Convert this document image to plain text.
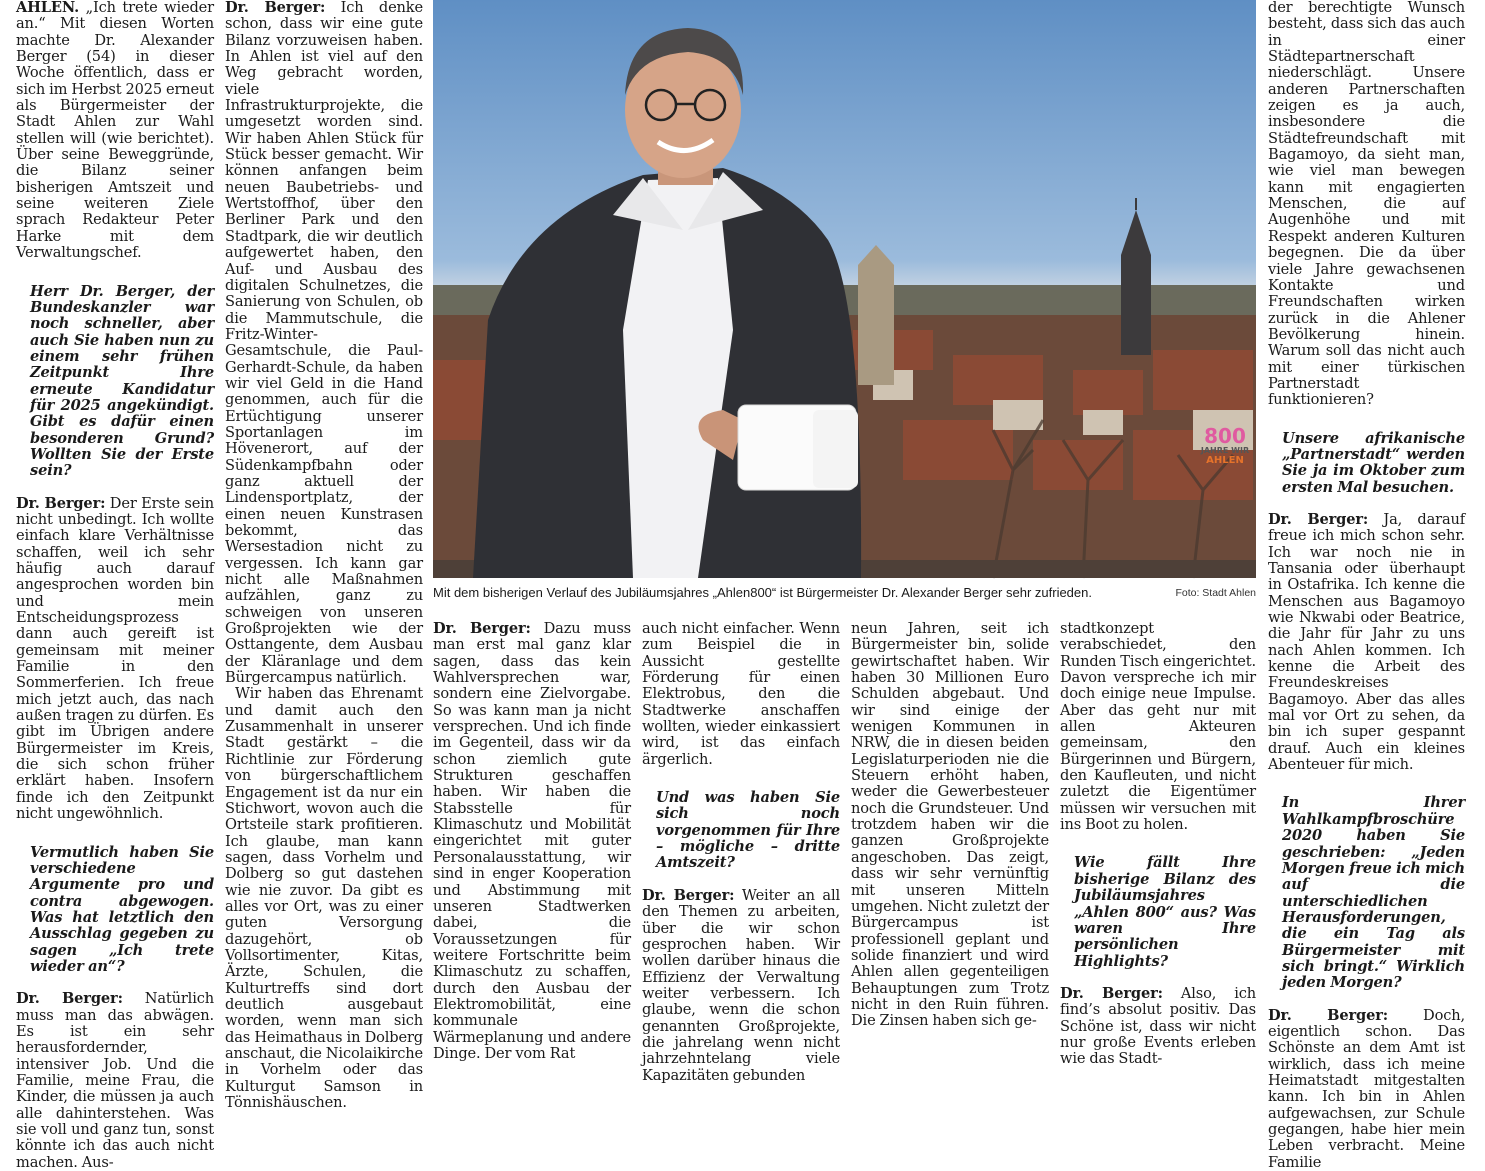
AHLEN. „Ich trete wieder an.“ Mit diesen Worten machte Dr. Alexander Berger (54) in dieser Woche öffentlich, dass er sich im Herbst 2025 erneut als Bürgermeister der Stadt Ahlen zur Wahl stellen will (wie berichtet). Über seine Beweggründe, die Bilanz seiner bisherigen Amtszeit und seine weiteren Ziele sprach Redakteur Peter Harke mit dem Verwaltungschef.

Herr Dr. Berger, der Bundeskanzler war noch schneller, aber auch Sie haben nun zu einem sehr frühen Zeitpunkt Ihre erneute Kandidatur für 2025 angekündigt. Gibt es dafür einen besonderen Grund? Wollten Sie der Erste sein?

Dr. Berger: Der Erste sein nicht unbedingt. Ich wollte einfach klare Verhältnisse schaffen, weil ich sehr häufig auch darauf angesprochen worden bin und mein Entscheidungsprozess dann auch gereift ist gemeinsam mit meiner Familie in den Sommerferien. Ich freue mich jetzt auch, das nach außen tragen zu dürfen. Es gibt im Übrigen andere Bürgermeister im Kreis, die sich schon früher erklärt haben. Insofern finde ich den Zeitpunkt nicht ungewöhnlich.

Vermutlich haben Sie verschiedene Argumente pro und contra abgewogen. Was hat letztlich den Ausschlag gegeben zu sagen „Ich trete wieder an“?

Dr. Berger: Natürlich muss man das abwägen. Es ist ein sehr herausfordernder, intensiver Job. Und die Familie, meine Frau, die Kinder, die müssen ja auch alle dahinterstehen. Was sie voll und ganz tun, sonst könnte ich das auch nicht machen. Aus-

Dr. Berger: Ich denke schon, dass wir eine gute Bilanz vorzuweisen haben. In Ahlen ist viel auf den Weg gebracht worden, viele Infrastrukturprojekte, die umgesetzt worden sind. Wir haben Ahlen Stück für Stück besser gemacht. Wir können anfangen beim neuen Baubetriebs- und Wertstoffhof, über den Berliner Park und den Stadtpark, die wir deutlich aufgewertet haben, den Auf- und Ausbau des digitalen Schulnetzes, die Sanierung von Schulen, ob die Mammutschule, die Fritz-Winter-Gesamtschule, die Paul-Gerhardt-Schule, da haben wir viel Geld in die Hand genommen, auch für die Ertüchtigung unserer Sportanlagen im Hövenerort, auf der Südenkampfbahn oder ganz aktuell der Lindensportplatz, der einen neuen Kunstrasen bekommt, das Wersestadion nicht zu vergessen. Ich kann gar nicht alle Maßnahmen aufzählen, ganz zu schweigen von unseren Großprojekten wie der Osttangente, dem Ausbau der Kläranlage und dem Bürgercampus natürlich.

Wir haben das Ehrenamt und damit auch den Zusammenhalt in unserer Stadt gestärkt – die Richtlinie zur Förderung von bürgerschaftlichem Engagement ist da nur ein Stichwort, wovon auch die Ortsteile stark profitieren. Ich glaube, man kann sagen, dass Vorhelm und Dolberg so gut dastehen wie nie zuvor. Da gibt es alles vor Ort, was zu einer guten Versorgung dazugehört, ob Vollsortimenter, Kitas, Ärzte, Schulen, die Kulturtreffs sind dort deutlich ausgebaut worden, wenn man sich das Heimathaus in Dolberg anschaut, die Nicolaikirche in Vorhelm oder das Kulturgut Samson in Tönnishäuschen.

800
JAHRE WIR
AHLEN
Mit dem bisherigen Verlauf des Jubiläumsjahres „Ahlen800“ ist Bürgermeister Dr. Alexander Berger sehr zufrieden.	Foto: Stadt Ahlen

Dr. Berger: Dazu muss man erst mal ganz klar sagen, dass das kein Wahlversprechen war, sondern eine Zielvorgabe. So was kann man ja nicht versprechen. Und ich finde im Gegenteil, dass wir da schon ziemlich gute Strukturen geschaffen haben. Wir haben die Stabsstelle für Klimaschutz und Mobilität eingerichtet mit guter Personalausstattung, wir sind in enger Kooperation und Abstimmung mit unseren Stadtwerken dabei, die Voraussetzungen für weitere Fortschritte beim Klimaschutz zu schaffen, durch den Ausbau der Elektromobilität, eine kommunale Wärmeplanung und andere Dinge. Der vom Rat

auch nicht einfacher. Wenn zum Beispiel die in Aussicht gestellte Förderung für einen Elektrobus, den die Stadtwerke anschaffen wollten, wieder einkassiert wird, ist das einfach ärgerlich.

Und was haben Sie sich noch vorgenommen für Ihre – mögliche – dritte Amtszeit?

Dr. Berger: Weiter an all den Themen zu arbeiten, über die wir schon gesprochen haben. Wir wollen darüber hinaus die Effizienz der Verwaltung weiter verbessern. Ich glaube, wenn die schon genannten Großprojekte, die jahrelang wenn nicht jahrzehntelang viele Kapazitäten gebunden

neun Jahren, seit ich Bürgermeister bin, solide gewirtschaftet haben. Wir haben 30 Millionen Euro Schulden abgebaut. Und wir sind einige der wenigen Kommunen in NRW, die in diesen beiden Legislaturperioden nie die Steuern erhöht haben, weder die Gewerbesteuer noch die Grundsteuer. Und trotzdem haben wir die ganzen Großprojekte angeschoben. Das zeigt, dass wir sehr vernünftig mit unseren Mitteln umgehen. Nicht zuletzt der Bürgercampus ist professionell geplant und solide finanziert und wird Ahlen allen gegenteiligen Behauptungen zum Trotz nicht in den Ruin führen. Die Zinsen haben sich ge-

stadtkonzept verabschiedet, den Runden Tisch eingerichtet. Davon verspreche ich mir doch einige neue Impulse. Aber das geht nur mit allen Akteuren gemeinsam, den Bürgerinnen und Bürgern, den Kaufleuten, und nicht zuletzt die Eigentümer müssen wir versuchen mit ins Boot zu holen.

Wie fällt Ihre bisherige Bilanz des Jubiläumsjahres „Ahlen 800“ aus? Was waren Ihre persönlichen Highlights?

Dr. Berger: Also, ich find’s absolut positiv. Das Schöne ist, dass wir nicht nur große Events erleben wie das Stadt-

der berechtigte Wunsch besteht, dass sich das auch in einer Städtepartnerschaft niederschlägt. Unsere anderen Partnerschaften zeigen es ja auch, insbesondere die Städtefreundschaft mit Bagamoyo, da sieht man, wie viel man bewegen kann mit engagierten Menschen, die auf Augenhöhe und mit Respekt anderen Kulturen begegnen. Die da über viele Jahre gewachsenen Kontakte und Freundschaften wirken zurück in die Ahlener Bevölkerung hinein. Warum soll das nicht auch mit einer türkischen Partnerstadt funktionieren?

Unsere afrikanische „Partnerstadt“ werden Sie ja im Oktober zum ersten Mal besuchen.

Dr. Berger: Ja, darauf freue ich mich schon sehr. Ich war noch nie in Tansania oder überhaupt in Ostafrika. Ich kenne die Menschen aus Bagamoyo wie Nkwabi oder Beatrice, die Jahr für Jahr zu uns nach Ahlen kommen. Ich kenne die Arbeit des Freundeskreises Bagamoyo. Aber das alles mal vor Ort zu sehen, da bin ich super gespannt drauf. Auch ein kleines Abenteuer für mich.

In Ihrer Wahlkampfbroschüre 2020 haben Sie geschrieben: „Jeden Morgen freue ich mich auf die unterschiedlichen Herausforderungen, die ein Tag als Bürgermeister mit sich bringt.“ Wirklich jeden Morgen?

Dr. Berger: Doch, eigentlich schon. Das Schönste an dem Amt ist wirklich, dass ich meine Heimatstadt mitgestalten kann. Ich bin in Ahlen aufgewachsen, zur Schule gegangen, habe hier mein Leben verbracht. Meine Familie
